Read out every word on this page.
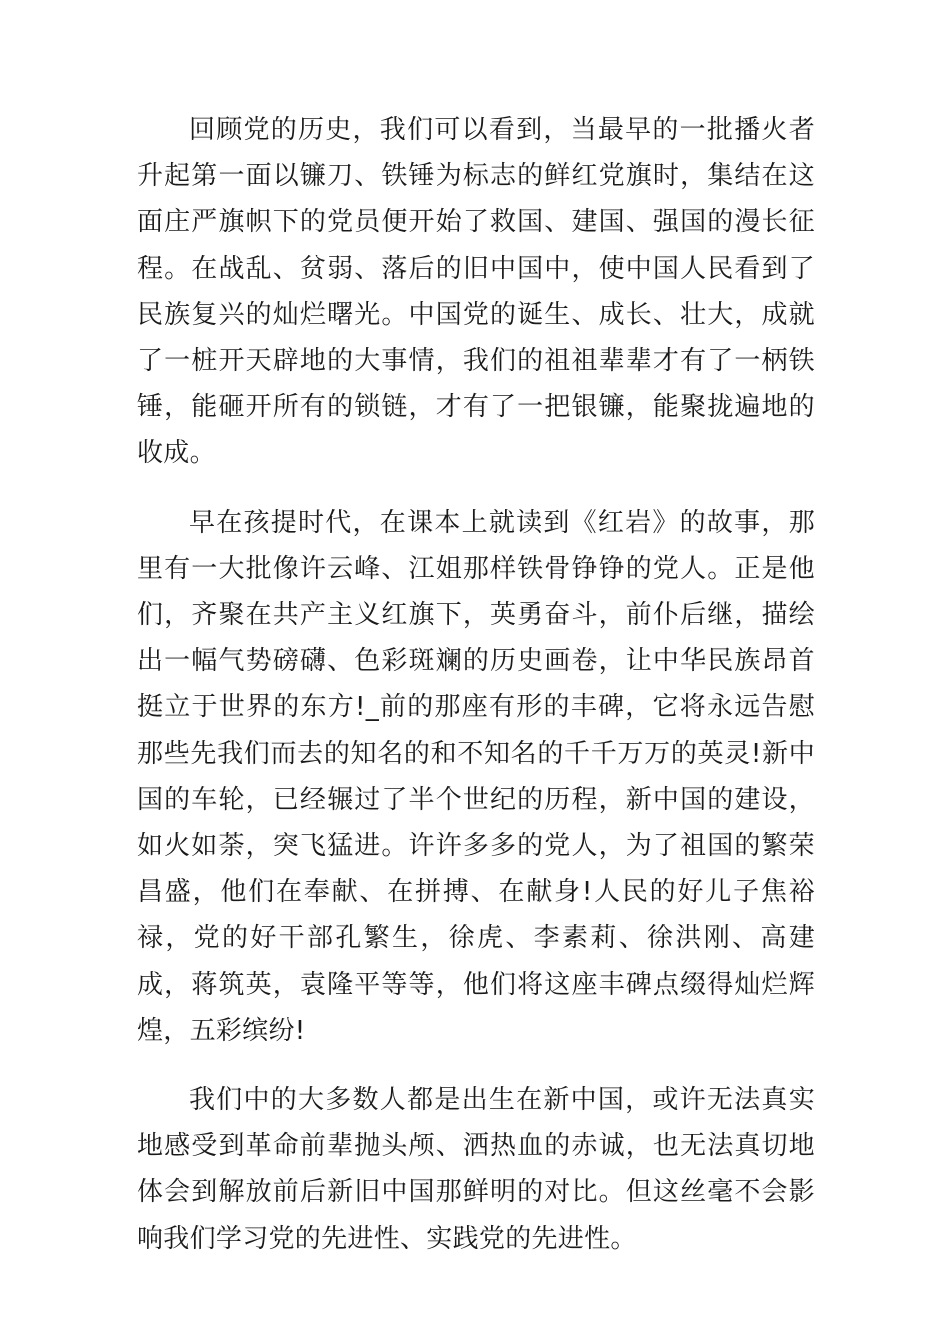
回顾党的历史，我们可以看到，当最早的一批播火者升起第一面以镰刀、铁锤为标志的鲜红党旗时，集结在这面庄严旗帜下的党员便开始了救国、建国、强国的漫长征程。在战乱、贫弱、落后的旧中国中，使中国人民看到了民族复兴的灿烂曙光。中国党的诞生、成长、壮大，成就了一桩开天辟地的大事情，我们的祖祖辈辈才有了一柄铁锤，能砸开所有的锁链，才有了一把银镰，能聚拢遍地的收成。

早在孩提时代，在课本上就读到《红岩》的故事，那里有一大批像许云峰、江姐那样铁骨铮铮的党人。正是他们，齐聚在共产主义红旗下，英勇奋斗，前仆后继，描绘出一幅气势磅礴、色彩斑斓的历史画卷，让中华民族昂首挺立于世界的东方!_前的那座有形的丰碑，它将永远告慰那些先我们而去的知名的和不知名的千千万万的英灵!新中国的车轮，已经辗过了半个世纪的历程，新中国的建设，如火如荼，突飞猛进。许许多多的党人，为了祖国的繁荣昌盛，他们在奉献、在拼搏、在献身!人民的好儿子焦裕禄，党的好干部孔繁生，徐虎、李素莉、徐洪刚、高建成，蒋筑英，袁隆平等等，他们将这座丰碑点缀得灿烂辉煌，五彩缤纷!

我们中的大多数人都是出生在新中国，或许无法真实地感受到革命前辈抛头颅、洒热血的赤诚，也无法真切地体会到解放前后新旧中国那鲜明的对比。但这丝毫不会影响我们学习党的先进性、实践党的先进性。
